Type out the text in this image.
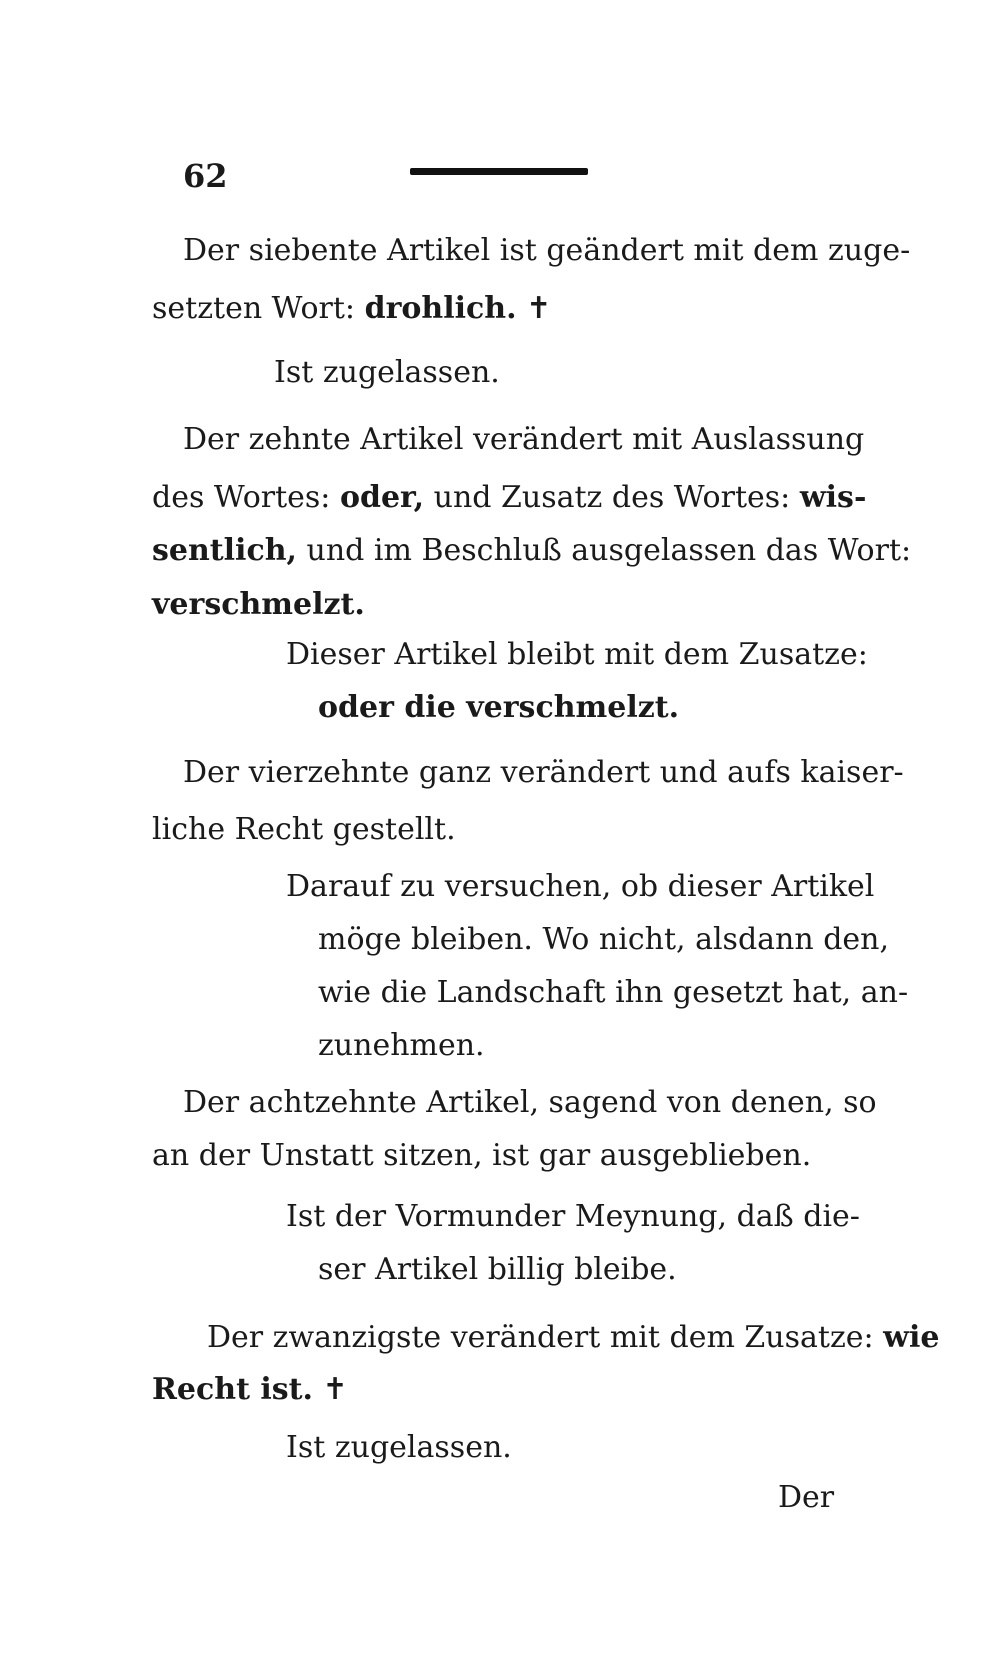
62
Der siebente Artikel ist geändert mit dem zuge-
setzten Wort: drohlich. ✝
Ist zugelassen.
Der zehnte Artikel verändert mit Auslassung
des Wortes: oder, und Zusatz des Wortes: wis-
sentlich, und im Beschluß ausgelassen das Wort:
verschmelzt.
Dieser Artikel bleibt mit dem Zusatze:
oder die verschmelzt.
Der vierzehnte ganz verändert und aufs kaiser-
liche Recht gestellt.
Darauf zu versuchen, ob dieser Artikel
möge bleiben. Wo nicht, alsdann den,
wie die Landschaft ihn gesetzt hat, an-
zunehmen.
Der achtzehnte Artikel, sagend von denen, so
an der Unstatt sitzen, ist gar ausgeblieben.
Ist der Vormunder Meynung, daß die-
ser Artikel billig bleibe.
Der zwanzigste verändert mit dem Zusatze: wie
Recht ist. ✝
Ist zugelassen.
Der
